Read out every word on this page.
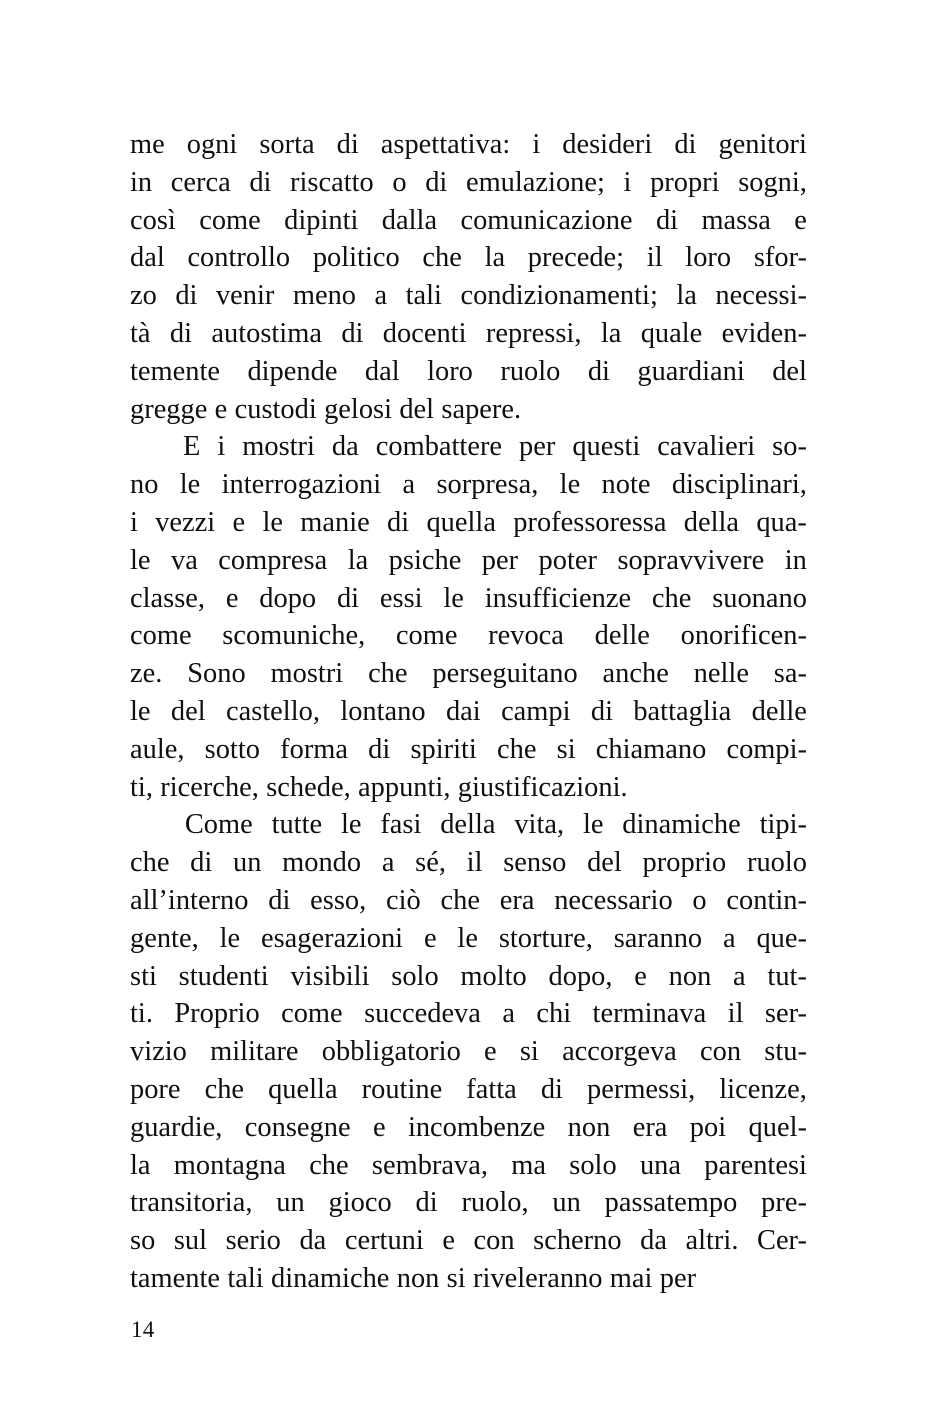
me ogni sorta di aspettativa: i desideri di genitori
in cerca di riscatto o di emulazione; i propri sogni,
così come dipinti dalla comunicazione di massa e
dal controllo politico che la precede; il loro sfor-
zo di venir meno a tali condizionamenti; la necessi-
tà di autostima di docenti repressi, la quale eviden-
temente dipende dal loro ruolo di guardiani del
gregge e custodi gelosi del sapere.
E i mostri da combattere per questi cavalieri so-
no le interrogazioni a sorpresa, le note disciplinari,
i vezzi e le manie di quella professoressa della qua-
le va compresa la psiche per poter sopravvivere in
classe, e dopo di essi le insufficienze che suonano
come scomuniche, come revoca delle onorificen-
ze. Sono mostri che perseguitano anche nelle sa-
le del castello, lontano dai campi di battaglia delle
aule, sotto forma di spiriti che si chiamano compi-
ti, ricerche, schede, appunti, giustificazioni.
Come tutte le fasi della vita, le dinamiche tipi-
che di un mondo a sé, il senso del proprio ruolo
all’interno di esso, ciò che era necessario o contin-
gente, le esagerazioni e le storture, saranno a que-
sti studenti visibili solo molto dopo, e non a tut-
ti. Proprio come succedeva a chi terminava il ser-
vizio militare obbligatorio e si accorgeva con stu-
pore che quella routine fatta di permessi, licenze,
guardie, consegne e incombenze non era poi quel-
la montagna che sembrava, ma solo una parentesi
transitoria, un gioco di ruolo, un passatempo pre-
so sul serio da certuni e con scherno da altri. Cer-
tamente tali dinamiche non si riveleranno mai per
14
